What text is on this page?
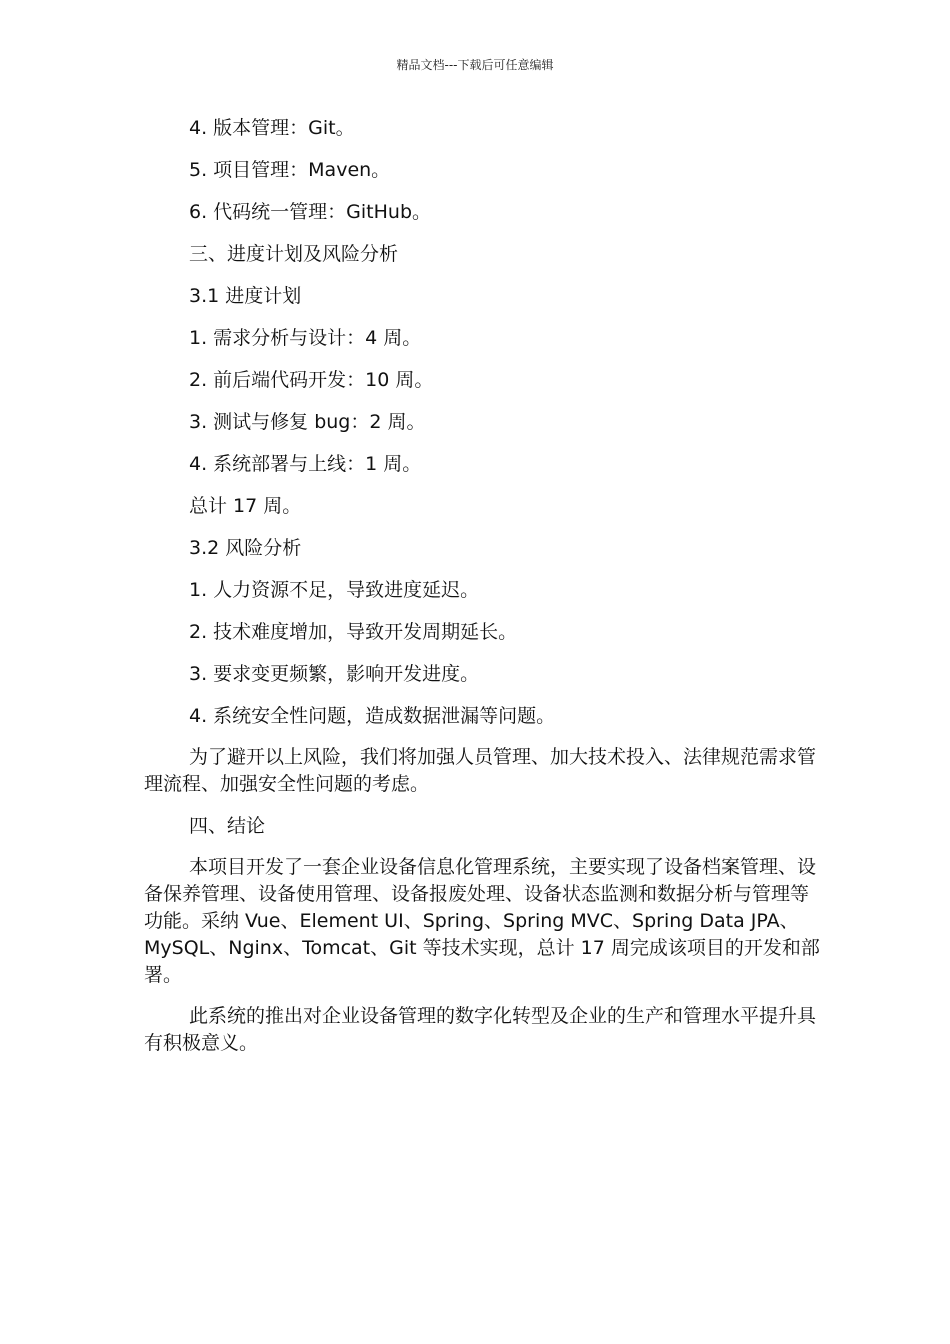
精品文档---下载后可任意编辑

4. 版本管理：Git。

5. 项目管理：Maven。

6. 代码统一管理：GitHub。

三、进度计划及风险分析

3.1 进度计划

1. 需求分析与设计：4 周。

2. 前后端代码开发：10 周。

3. 测试与修复 bug：2 周。

4. 系统部署与上线：1 周。

总计 17 周。

3.2 风险分析

1. 人力资源不足，导致进度延迟。

2. 技术难度增加，导致开发周期延长。

3. 要求变更频繁，影响开发进度。

4. 系统安全性问题，造成数据泄漏等问题。

为了避开以上风险，我们将加强人员管理、加大技术投入、法律规范需求管理流程、加强安全性问题的考虑。

四、结论

本项目开发了一套企业设备信息化管理系统，主要实现了设备档案管理、设备保养管理、设备使用管理、设备报废处理、设备状态监测和数据分析与管理等功能。采纳 Vue、Element UI、Spring、Spring MVC、Spring Data JPA、MySQL、Nginx、Tomcat、Git 等技术实现，总计 17 周完成该项目的开发和部署。

此系统的推出对企业设备管理的数字化转型及企业的生产和管理水平提升具有积极意义。
